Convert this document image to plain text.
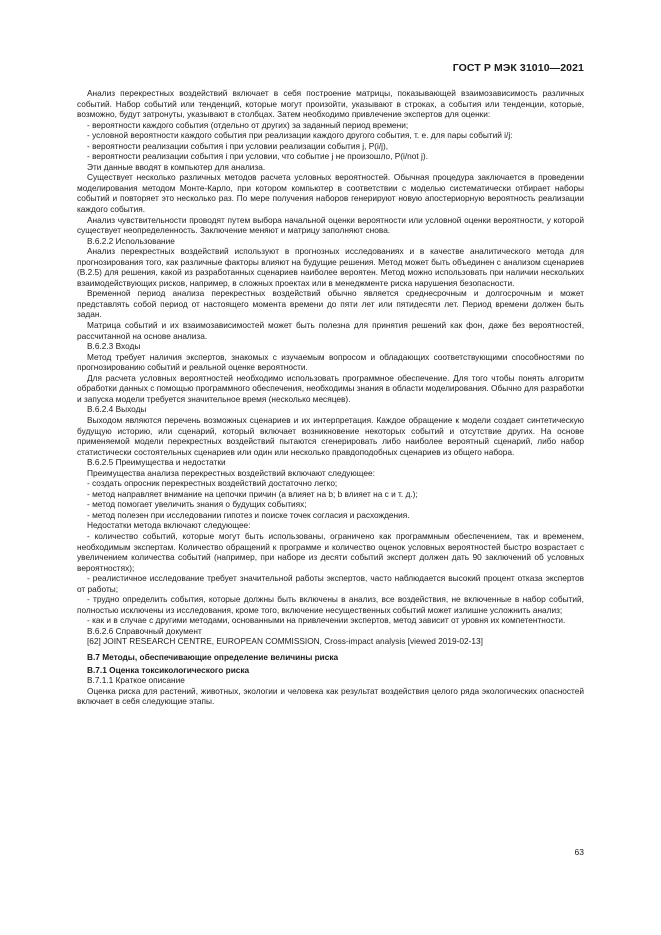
ГОСТ Р МЭК 31010—2021

Анализ перекрестных воздействий включает в себя построение матрицы, показывающей взаимозависимость различных событий. Набор событий или тенденций, которые могут произойти, указывают в строках, а события или тенденции, которые, возможно, будут затронуты, указывают в столбцах. Затем необходимо привлечение экспертов для оценки:

- вероятности каждого события (отдельно от других) за заданный период времени;

- условной вероятности каждого события при реализации каждого другого события, т. е. для пары событий i/j:

- вероятности реализации события i при условии реализации события j, P(i/j),

- вероятности реализации события i при условии, что событие j не произошло, P(i/not j).

Эти данные вводят в компьютер для анализа.

Существует несколько различных методов расчета условных вероятностей. Обычная процедура заключается в проведении моделирования методом Монте-Карло, при котором компьютер в соответствии с моделью систематически отбирает наборы событий и повторяет это несколько раз. По мере получения наборов генерируют новую апостериорную вероятность реализации каждого события.

Анализ чувствительности проводят путем выбора начальной оценки вероятности или условной оценки вероятности, у которой существует неопределенность. Заключение меняют и матрицу заполняют снова.

В.6.2.2 Использование

Анализ перекрестных воздействий используют в прогнозных исследованиях и в качестве аналитического метода для прогнозирования того, как различные факторы влияют на будущие решения. Метод может быть объединен с анализом сценариев (В.2.5) для решения, какой из разработанных сценариев наиболее вероятен. Метод можно использовать при наличии нескольких взаимодействующих рисков, например, в сложных проектах или в менеджменте риска нарушения безопасности.

Временной период анализа перекрестных воздействий обычно является среднесрочным и долгосрочным и может представлять собой период от настоящего момента времени до пяти лет или пятидесяти лет. Период времени должен быть задан.

Матрица событий и их взаимозависимостей может быть полезна для принятия решений как фон, даже без вероятностей, рассчитанной на основе анализа.

В.6.2.3 Входы

Метод требует наличия экспертов, знакомых с изучаемым вопросом и обладающих соответствующими способностями по прогнозированию событий и реальной оценке вероятности.

Для расчета условных вероятностей необходимо использовать программное обеспечение. Для того чтобы понять алгоритм обработки данных с помощью программного обеспечения, необходимы знания в области моделирования. Обычно для разработки и запуска модели требуется значительное время (несколько месяцев).

В.6.2.4 Выходы

Выходом являются перечень возможных сценариев и их интерпретация. Каждое обращение к модели создает синтетическую будущую историю, или сценарий, который включает возникновение некоторых событий и отсутствие других. На основе применяемой модели перекрестных воздействий пытаются сгенерировать либо наиболее вероятный сценарий, либо набор статистически состоятельных сценариев или один или несколько правдоподобных сценариев из общего набора.

В.6.2.5 Преимущества и недостатки

Преимущества анализа перекрестных воздействий включают следующее:

- создать опросник перекрестных воздействий достаточно легко;

- метод направляет внимание на цепочки причин (a влияет на b; b влияет на c и т. д.);

- метод помогает увеличить знания о будущих событиях;

- метод полезен при исследовании гипотез и поиске точек согласия и расхождения.

Недостатки метода включают следующее:

- количество событий, которые могут быть использованы, ограничено как программным обеспечением, так и временем, необходимым экспертам. Количество обращений к программе и количество оценок условных вероятностей быстро возрастает с увеличением количества событий (например, при наборе из десяти событий эксперт должен дать 90 заключений об условных вероятностях);

- реалистичное исследование требует значительной работы экспертов, часто наблюдается высокий процент отказа экспертов от работы;

- трудно определить события, которые должны быть включены в анализ, все воздействия, не включенные в набор событий, полностью исключены из исследования, кроме того, включение несущественных событий может излишне усложнить анализ;

- как и в случае с другими методами, основанными на привлечении экспертов, метод зависит от уровня их компетентности.

В.6.2.6 Справочный документ

[62] JOINT RESEARCH CENTRE, EUROPEAN COMMISSION, Cross-impact analysis [viewed 2019-02-13]

В.7 Методы, обеспечивающие определение величины риска
В.7.1 Оценка токсикологического риска

В.7.1.1 Краткое описание

Оценка риска для растений, животных, экологии и человека как результат воздействия целого ряда экологических опасностей включает в себя следующие этапы.

63
